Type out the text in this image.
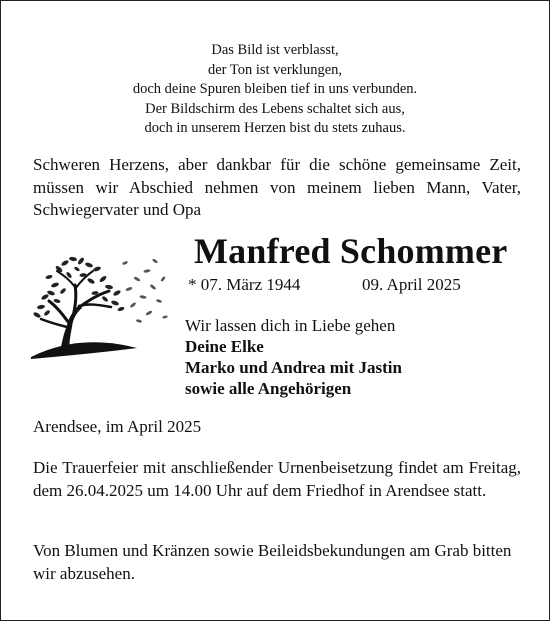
Das Bild ist verblasst,
der Ton ist verklungen,
doch deine Spuren bleiben tief in uns verbunden.
Der Bildschirm des Lebens schaltet sich aus,
doch in unserem Herzen bist du stets zuhaus.
Schweren Herzens, aber dankbar für die schöne gemeinsame Zeit, müssen wir Abschied nehmen von meinem lieben Mann, Vater, Schwiegervater und Opa
Manfred Schommer
* 07. März 1944	09. April 2025
Wir lassen dich in Liebe gehen
Deine Elke
Marko und Andrea mit Jastin
sowie alle Angehörigen
Arendsee, im April 2025
Die Trauerfeier mit anschließender Urnenbeisetzung findet am Freitag, dem 26.04.2025 um 14.00 Uhr auf dem Friedhof in Arendsee statt.
Von Blumen und Kränzen sowie Beileidsbekundungen am Grab bitten wir abzusehen.
